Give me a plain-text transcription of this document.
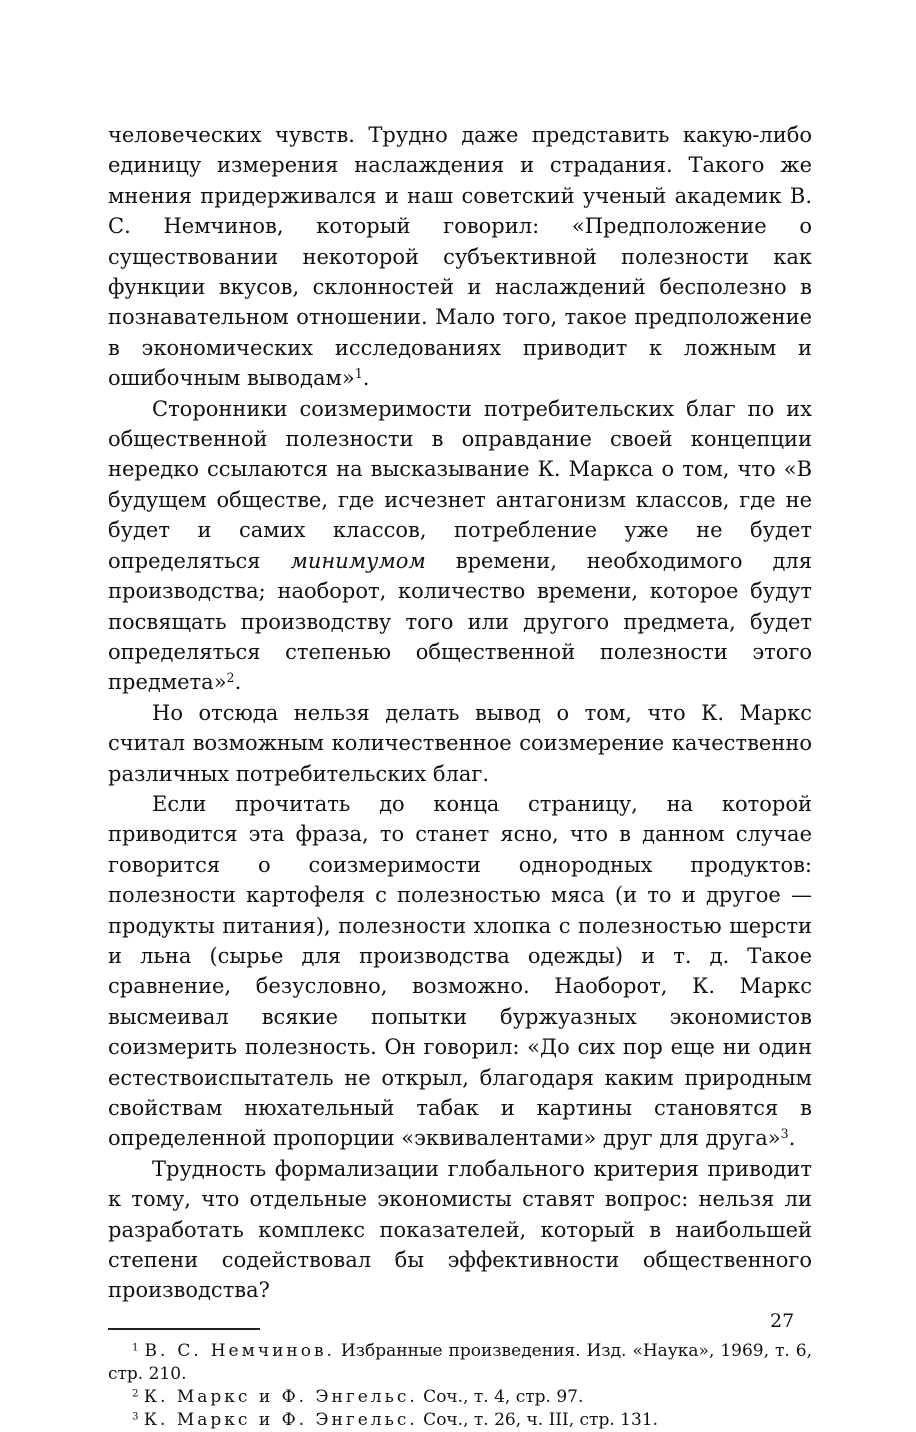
человеческих чувств. Трудно даже представить какую-либо единицу измерения наслаждения и страдания. Такого же мнения придерживался и наш советский ученый академик В. С. Немчинов, который говорил: «Предположение о существовании некоторой субъективной полезности как функции вкусов, склонностей и наслаждений бесполезно в познавательном отношении. Мало того, такое предположение в экономических исследованиях приводит к ложным и ошибочным выводам»$^1$.

Сторонники соизмеримости потребительских благ по их общественной полезности в оправдание своей концепции нередко ссылаются на высказывание К. Маркса о том, что «В будущем обществе, где исчезнет антагонизм классов, где не будет и самих классов, потребление уже не будет определяться минимумом времени, необходимого для производства; наоборот, количество времени, которое будут посвящать производству того или другого предмета, будет определяться степенью общественной полезности этого предмета»$^2$.

Но отсюда нельзя делать вывод о том, что К. Маркс считал возможным количественное соизмерение качественно различных потребительских благ.

Если прочитать до конца страницу, на которой приводится эта фраза, то станет ясно, что в данном случае говорится о соизмеримости однородных продуктов: полезности картофеля с полезностью мяса (и то и другое — продукты питания), полезности хлопка с полезностью шерсти и льна (сырье для производства одежды) и т. д. Такое сравнение, безусловно, возможно. Наоборот, К. Маркс высмеивал всякие попытки буржуазных экономистов соизмерить полезность. Он говорил: «До сих пор еще ни один естествоиспытатель не открыл, благодаря каким природным свойствам нюхательный табак и картины становятся в определенной пропорции «эквивалентами» друг для друга»$^3$.

Трудность формализации глобального критерия приводит к тому, что отдельные экономисты ставят вопрос: нельзя ли разработать комплекс показателей, который в наибольшей степени содействовал бы эффективности общественного производства?

$^1$ В. С. Немчинов. Избранные произведения. Изд. «Наука», 1969, т. 6, стр. 210.

$^2$ К. Маркс и Ф. Энгельс. Соч., т. 4, стр. 97.

$^3$ К. Маркс и Ф. Энгельс. Соч., т. 26, ч. III, стр. 131.

27
